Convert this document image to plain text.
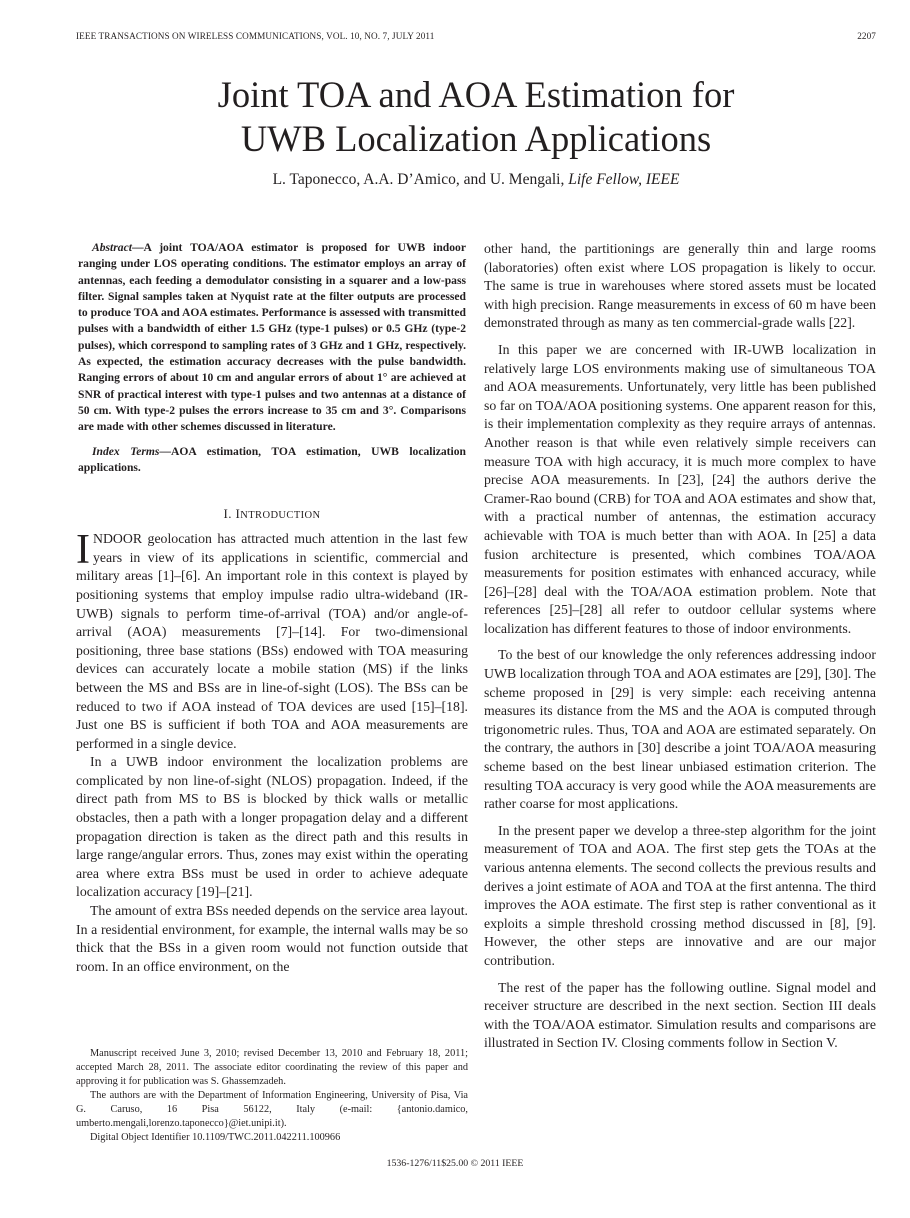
IEEE TRANSACTIONS ON WIRELESS COMMUNICATIONS, VOL. 10, NO. 7, JULY 2011	2207
Joint TOA and AOA Estimation for
UWB Localization Applications
L. Taponecco, A.A. D’Amico, and U. Mengali, Life Fellow, IEEE

Abstract—A joint TOA/AOA estimator is proposed for UWB indoor ranging under LOS operating conditions. The estimator employs an array of antennas, each feeding a demodulator consisting in a squarer and a low-pass filter. Signal samples taken at Nyquist rate at the filter outputs are processed to produce TOA and AOA estimates. Performance is assessed with transmitted pulses with a bandwidth of either 1.5 GHz (type-1 pulses) or 0.5 GHz (type-2 pulses), which correspond to sampling rates of 3 GHz and 1 GHz, respectively. As expected, the estimation accuracy decreases with the pulse bandwidth. Ranging errors of about 10 cm and angular errors of about 1° are achieved at SNR of practical interest with type-1 pulses and two antennas at a distance of 50 cm. With type-2 pulses the errors increase to 35 cm and 3°. Comparisons are made with other schemes discussed in literature.

Index Terms—AOA estimation, TOA estimation, UWB localization applications.

I. INTRODUCTION

INDOOR geolocation has attracted much attention in the last few years in view of its applications in scientific, commercial and military areas [1]–[6]. An important role in this context is played by positioning systems that employ impulse radio ultra-wideband (IR-UWB) signals to perform time-of-arrival (TOA) and/or angle-of-arrival (AOA) measurements [7]–[14]. For two-dimensional positioning, three base stations (BSs) endowed with TOA measuring devices can accurately locate a mobile station (MS) if the links between the MS and BSs are in line-of-sight (LOS). The BSs can be reduced to two if AOA instead of TOA devices are used [15]–[18]. Just one BS is sufficient if both TOA and AOA measurements are performed in a single device.

In a UWB indoor environment the localization problems are complicated by non line-of-sight (NLOS) propagation. Indeed, if the direct path from MS to BS is blocked by thick walls or metallic obstacles, then a path with a longer propagation delay and a different propagation direction is taken as the direct path and this results in large range/angular errors. Thus, zones may exist within the operating area where extra BSs must be used in order to achieve adequate localization accuracy [19]–[21].

The amount of extra BSs needed depends on the service area layout. In a residential environment, for example, the internal walls may be so thick that the BSs in a given room would not function outside that room. In an office environment, on the

Manuscript received June 3, 2010; revised December 13, 2010 and February 18, 2011; accepted March 28, 2011. The associate editor coordinating the review of this paper and approving it for publication was S. Ghassemzadeh.

The authors are with the Department of Information Engineering, University of Pisa, Via G. Caruso, 16 Pisa 56122, Italy (e-mail: {antonio.damico, umberto.mengali,lorenzo.taponecco}@iet.unipi.it).

Digital Object Identifier 10.1109/TWC.2011.042211.100966

other hand, the partitionings are generally thin and large rooms (laboratories) often exist where LOS propagation is likely to occur. The same is true in warehouses where stored assets must be located with high precision. Range measurements in excess of 60 m have been demonstrated through as many as ten commercial-grade walls [22].

In this paper we are concerned with IR-UWB localization in relatively large LOS environments making use of simultaneous TOA and AOA measurements. Unfortunately, very little has been published so far on TOA/AOA positioning systems. One apparent reason for this, is their implementation complexity as they require arrays of antennas. Another reason is that while even relatively simple receivers can measure TOA with high accuracy, it is much more complex to have precise AOA measurements. In [23], [24] the authors derive the Cramer-Rao bound (CRB) for TOA and AOA estimates and show that, with a practical number of antennas, the estimation accuracy achievable with TOA is much better than with AOA. In [25] a data fusion architecture is presented, which combines TOA/AOA measurements for position estimates with enhanced accuracy, while [26]–[28] deal with the TOA/AOA estimation problem. Note that references [25]–[28] all refer to outdoor cellular systems where localization has different features to those of indoor environments.

To the best of our knowledge the only references addressing indoor UWB localization through TOA and AOA estimates are [29], [30]. The scheme proposed in [29] is very simple: each receiving antenna measures its distance from the MS and the AOA is computed through trigonometric rules. Thus, TOA and AOA are estimated separately. On the contrary, the authors in [30] describe a joint TOA/AOA measuring scheme based on the best linear unbiased estimation criterion. The resulting TOA accuracy is very good while the AOA measurements are rather coarse for most applications.

In the present paper we develop a three-step algorithm for the joint measurement of TOA and AOA. The first step gets the TOAs at the various antenna elements. The second collects the previous results and derives a joint estimate of AOA and TOA at the first antenna. The third improves the AOA estimate. The first step is rather conventional as it exploits a simple threshold crossing method discussed in [8], [9]. However, the other steps are innovative and are our major contribution.

The rest of the paper has the following outline. Signal model and receiver structure are described in the next section. Section III deals with the TOA/AOA estimator. Simulation results and comparisons are illustrated in Section IV. Closing comments follow in Section V.

1536-1276/11$25.00 © 2011 IEEE
